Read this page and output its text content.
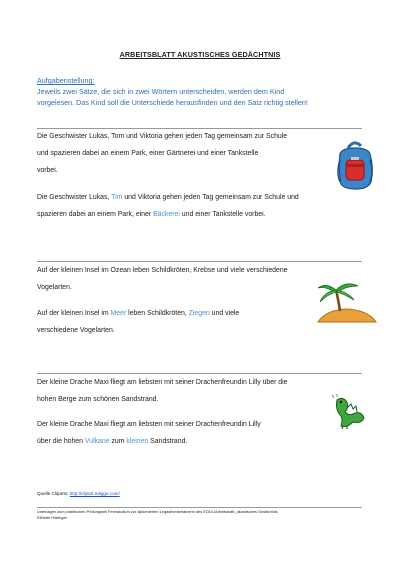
ARBEITSBLATT AKUSTISCHES GEDÄCHTNIS
Aufgabenstellung:
Jeweils zwei Sätze, die sich in zwei Wörtern unterscheiden, werden dem Kind
vorgelesen. Das Kind soll die Unterschiede herausfinden und den Satz richtig stellen!
Die Geschwister Lukas, Tom und Viktoria gehen jeden Tag gemeinsam zur Schule
und spazieren dabei an einem Park, einer Gärtnerei und einer Tankstelle
vorbei.
Die Geschwister Lukas, Tim und Viktoria gehen jeden Tag gemeinsam zur Schule und
spazieren dabei an einem Park, einer Bäckerei und einer Tankstelle vorbei.
Auf der kleinen Insel im Ozean leben Schildkröten, Krebse und viele verschiedene
Vogelarten.
Auf der kleinen Insel im Meer leben Schildkröten, Ziegen und viele
verschiedene Vogelarten.
Der kleine Drache Maxi fliegt am liebsten mit seiner Drachenfreundin Lilly über die
hohen Berge zum schönen Sandstrand.
Der kleine Drache Maxi fliegt am liebsten mit seiner Drachenfreundin Lilly
über die hohen Vulkane zum kleinen Sandstrand.
Quelle Cliparts: http://clipart.edigge.com/
Unterlagen zum praktischen Prüfungsteil Fernstudium zur diplomierten Legasthenietrainerin des EÖDL/Arbeitsblatt_akustisches Gedächtnis
Elfriede Höttinger
